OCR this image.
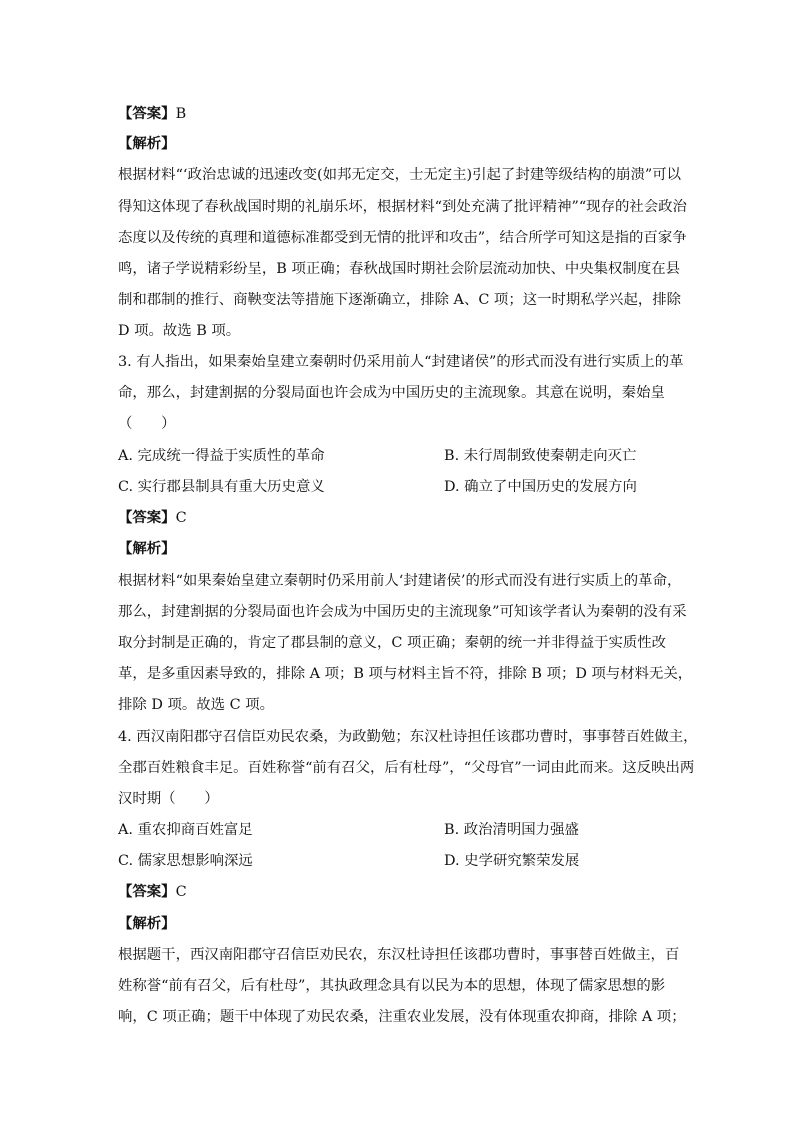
【答案】B
【解析】
根据材料“‘政治忠诚的迅速改变(如邦无定交，士无定主)引起了封建等级结构的崩溃”可以
得知这体现了春秋战国时期的礼崩乐坏，根据材料“到处充满了批评精神”“现存的社会政治
态度以及传统的真理和道德标准都受到无情的批评和攻击”，结合所学可知这是指的百家争
鸣，诸子学说精彩纷呈，B 项正确；春秋战国时期社会阶层流动加快、中央集权制度在县
制和郡制的推行、商鞅变法等措施下逐渐确立，排除 A、C 项；这一时期私学兴起，排除
D 项。故选 B 项。
3. 有人指出，如果秦始皇建立秦朝时仍采用前人“封建诸侯”的形式而没有进行实质上的革
命，那么，封建割据的分裂局面也许会成为中国历史的主流现象。其意在说明，秦始皇
（　　）
A. 完成统一得益于实质性的革命	B. 未行周制致使秦朝走向灭亡
C. 实行郡县制具有重大历史意义	D. 确立了中国历史的发展方向
【答案】C
【解析】
根据材料“如果秦始皇建立秦朝时仍采用前人‘封建诸侯’的形式而没有进行实质上的革命，
那么，封建割据的分裂局面也许会成为中国历史的主流现象”可知该学者认为秦朝的没有采
取分封制是正确的，肯定了郡县制的意义，C 项正确；秦朝的统一并非得益于实质性改
革，是多重因素导致的，排除 A 项；B 项与材料主旨不符，排除 B 项；D 项与材料无关，
排除 D 项。故选 C 项。
4. 西汉南阳郡守召信臣劝民农桑，为政勤勉；东汉杜诗担任该郡功曹时，事事替百姓做主，
全郡百姓粮食丰足。百姓称誉“前有召父，后有杜母”，“父母官”一词由此而来。这反映出两
汉时期（　　）
A. 重农抑商百姓富足	B. 政治清明国力强盛
C. 儒家思想影响深远	D. 史学研究繁荣发展
【答案】C
【解析】
根据题干，西汉南阳郡守召信臣劝民农，东汉杜诗担任该郡功曹时，事事替百姓做主，百
姓称誉“前有召父，后有杜母”，其执政理念具有以民为本的思想，体现了儒家思想的影
响，C 项正确；题干中体现了劝民农桑，注重农业发展，没有体现重农抑商，排除 A 项；
